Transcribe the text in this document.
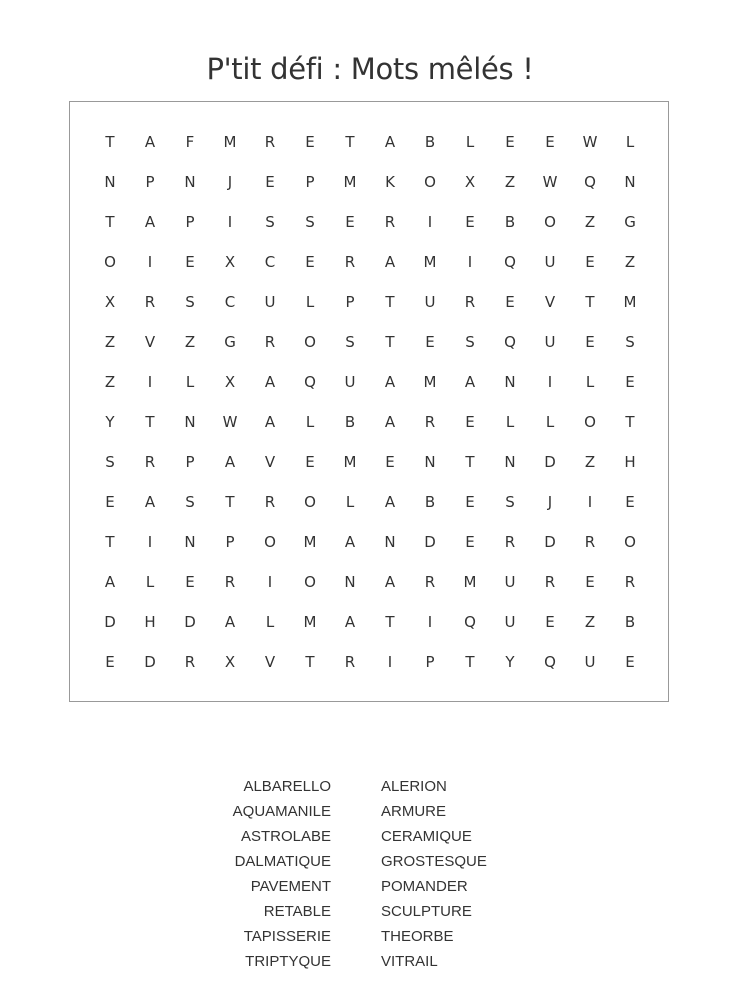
P'tit défi : Mots mêlés !
T	A	F	M	R	E	T	A	B	L	E	E	W	L
N	P	N	J	E	P	M	K	O	X	Z	W	Q	N
T	A	P	I	S	S	E	R	I	E	B	O	Z	G
O	I	E	X	C	E	R	A	M	I	Q	U	E	Z
X	R	S	C	U	L	P	T	U	R	E	V	T	M
Z	V	Z	G	R	O	S	T	E	S	Q	U	E	S
Z	I	L	X	A	Q	U	A	M	A	N	I	L	E
Y	T	N	W	A	L	B	A	R	E	L	L	O	T
S	R	P	A	V	E	M	E	N	T	N	D	Z	H
E	A	S	T	R	O	L	A	B	E	S	J	I	E
T	I	N	P	O	M	A	N	D	E	R	D	R	O
A	L	E	R	I	O	N	A	R	M	U	R	E	R
D	H	D	A	L	M	A	T	I	Q	U	E	Z	B
E	D	R	X	V	T	R	I	P	T	Y	Q	U	E
ALBARELLO
AQUAMANILE
ASTROLABE
DALMATIQUE
PAVEMENT
RETABLE
TAPISSERIE
TRIPTYQUE
ALERION
ARMURE
CERAMIQUE
GROSTESQUE
POMANDER
SCULPTURE
THEORBE
VITRAIL
